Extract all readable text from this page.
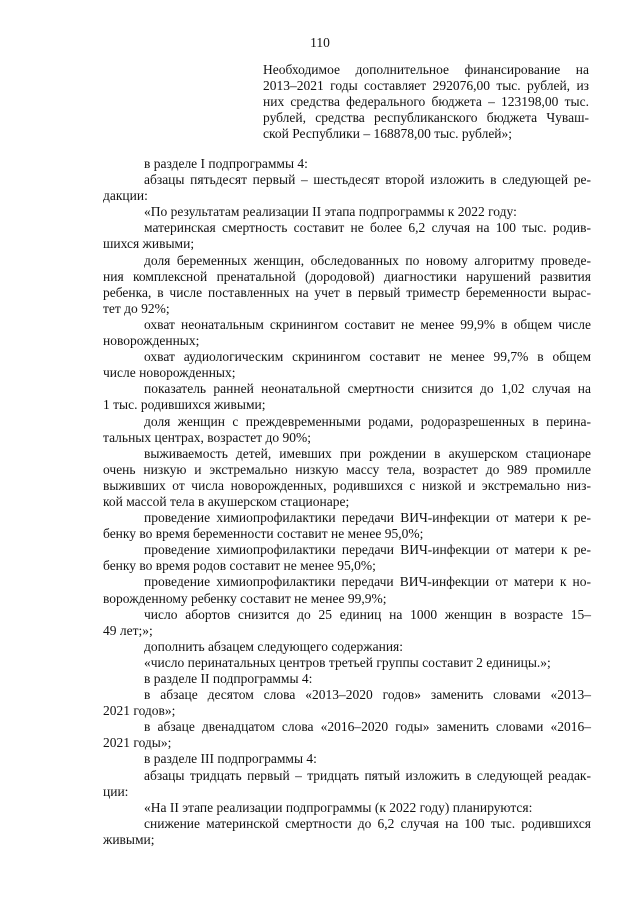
110

Необходимое дополнительное финансирование на
2013–2021 годы составляет 292076,00 тыс. рублей, из
них средства федерального бюджета – 123198,00 тыс.
рублей, средства республиканского бюджета Чуваш-
ской Республики – 168878,00 тыс. рублей»;

в разделе I подпрограммы 4:

абзацы пятьдесят первый – шестьдесят второй изложить в следующей ре-
дакции:

«По результатам реализации II этапа подпрограммы к 2022 году:

материнская смертность составит не более 6,2 случая на 100 тыс. родив-
шихся живыми;

доля беременных женщин, обследованных по новому алгоритму проведе-
ния комплексной пренатальной (дородовой) диагностики нарушений развития
ребенка, в числе поставленных на учет в первый триместр беременности вырас-
тет до 92%;

охват неонатальным скринингом составит не менее 99,9% в общем числе
новорожденных;

охват аудиологическим скринингом составит не менее 99,7% в общем
числе новорожденных;

показатель ранней неонатальной смертности снизится до 1,02 случая на
1 тыс. родившихся живыми;

доля женщин с преждевременными родами, родоразрешенных в перина-
тальных центрах, возрастет до 90%;

выживаемость детей, имевших при рождении в акушерском стационаре
очень низкую и экстремально низкую массу тела, возрастет до 989 промилле
выживших от числа новорожденных, родившихся с низкой и экстремально низ-
кой массой тела в акушерском стационаре;

проведение химиопрофилактики передачи ВИЧ-инфекции от матери к ре-
бенку во время беременности составит не менее 95,0%;

проведение химиопрофилактики передачи ВИЧ-инфекции от матери к ре-
бенку во время родов составит не менее 95,0%;

проведение химиопрофилактики передачи ВИЧ-инфекции от матери к но-
ворожденному ребенку составит не менее 99,9%;

число абортов снизится до 25 единиц на 1000 женщин в возрасте 15–
49 лет;»;

дополнить абзацем следующего содержания:

«число перинатальных центров третьей группы составит 2 единицы.»;

в разделе II подпрограммы 4:

в абзаце десятом слова «2013–2020 годов» заменить словами «2013–
2021 годов»;

в абзаце двенадцатом слова «2016–2020 годы» заменить словами «2016–
2021 годы»;

в разделе III подпрограммы 4:

абзацы тридцать первый – тридцать пятый изложить в следующей реадак-
ции:

«На II этапе реализации подпрограммы (к 2022 году) планируются:

снижение материнской смертности до 6,2 случая на 100 тыс. родившихся
живыми;
